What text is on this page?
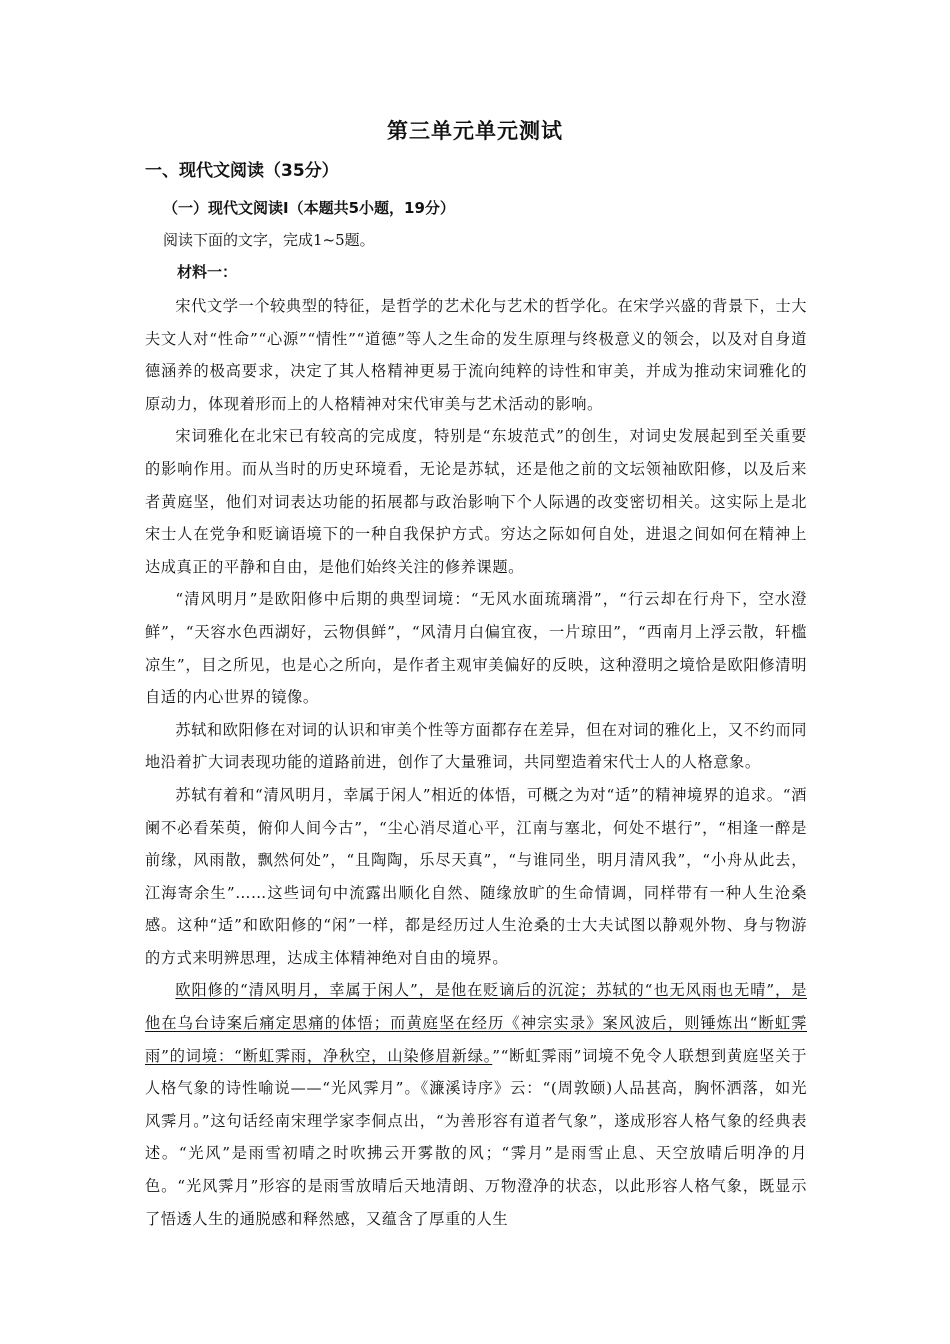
第三单元单元测试
一、现代文阅读（35分）
（一）现代文阅读Ⅰ（本题共5小题，19分）
阅读下面的文字，完成1~5题。
材料一：

宋代文学一个较典型的特征，是哲学的艺术化与艺术的哲学化。在宋学兴盛的背景下，士大夫文人对“性命”“心源”“情性”“道德”等人之生命的发生原理与终极意义的领会，以及对自身道德涵养的极高要求，决定了其人格精神更易于流向纯粹的诗性和审美，并成为推动宋词雅化的原动力，体现着形而上的人格精神对宋代审美与艺术活动的影响。

宋词雅化在北宋已有较高的完成度，特别是“东坡范式”的创生，对词史发展起到至关重要的影响作用。而从当时的历史环境看，无论是苏轼，还是他之前的文坛领袖欧阳修，以及后来者黄庭坚，他们对词表达功能的拓展都与政治影响下个人际遇的改变密切相关。这实际上是北宋士人在党争和贬谪语境下的一种自我保护方式。穷达之际如何自处，进退之间如何在精神上达成真正的平静和自由，是他们始终关注的修养课题。

“清风明月”是欧阳修中后期的典型词境：“无风水面琉璃滑”，“行云却在行舟下，空水澄鲜”，“天容水色西湖好，云物俱鲜”，“风清月白偏宜夜，一片琼田”，“西南月上浮云散，轩槛凉生”，目之所见，也是心之所向，是作者主观审美偏好的反映，这种澄明之境恰是欧阳修清明自适的内心世界的镜像。

苏轼和欧阳修在对词的认识和审美个性等方面都存在差异，但在对词的雅化上，又不约而同地沿着扩大词表现功能的道路前进，创作了大量雅词，共同塑造着宋代士人的人格意象。

苏轼有着和“清风明月，幸属于闲人”相近的体悟，可概之为对“适”的精神境界的追求。“酒阑不必看茱萸，俯仰人间今古”，“尘心消尽道心平，江南与塞北，何处不堪行”，“相逢一醉是前缘，风雨散，飘然何处”，“且陶陶，乐尽天真”，“与谁同坐，明月清风我”，“小舟从此去，江海寄余生”……这些词句中流露出顺化自然、随缘放旷的生命情调，同样带有一种人生沧桑感。这种“适”和欧阳修的“闲”一样，都是经历过人生沧桑的士大夫试图以静观外物、身与物游的方式来明辨思理，达成主体精神绝对自由的境界。

欧阳修的“清风明月，幸属于闲人”，是他在贬谪后的沉淀；苏轼的“也无风雨也无晴”，是他在乌台诗案后痛定思痛的体悟；而黄庭坚在经历《神宗实录》案风波后，则锤炼出“断虹霁雨”的词境：“断虹霁雨，净秋空，山染修眉新绿。”“断虹霁雨”词境不免令人联想到黄庭坚关于人格气象的诗性喻说——“光风霁月”。《濂溪诗序》云：“(周敦颐)人品甚高，胸怀洒落，如光风霁月。”这句话经南宋理学家李侗点出，“为善形容有道者气象”，遂成形容人格气象的经典表述。“光风”是雨雪初晴之时吹拂云开雾散的风；“霁月”是雨雪止息、天空放晴后明净的月色。“光风霁月”形容的是雨雪放晴后天地清朗、万物澄净的状态，以此形容人格气象，既显示了悟透人生的通脱感和释然感，又蕴含了厚重的人生
